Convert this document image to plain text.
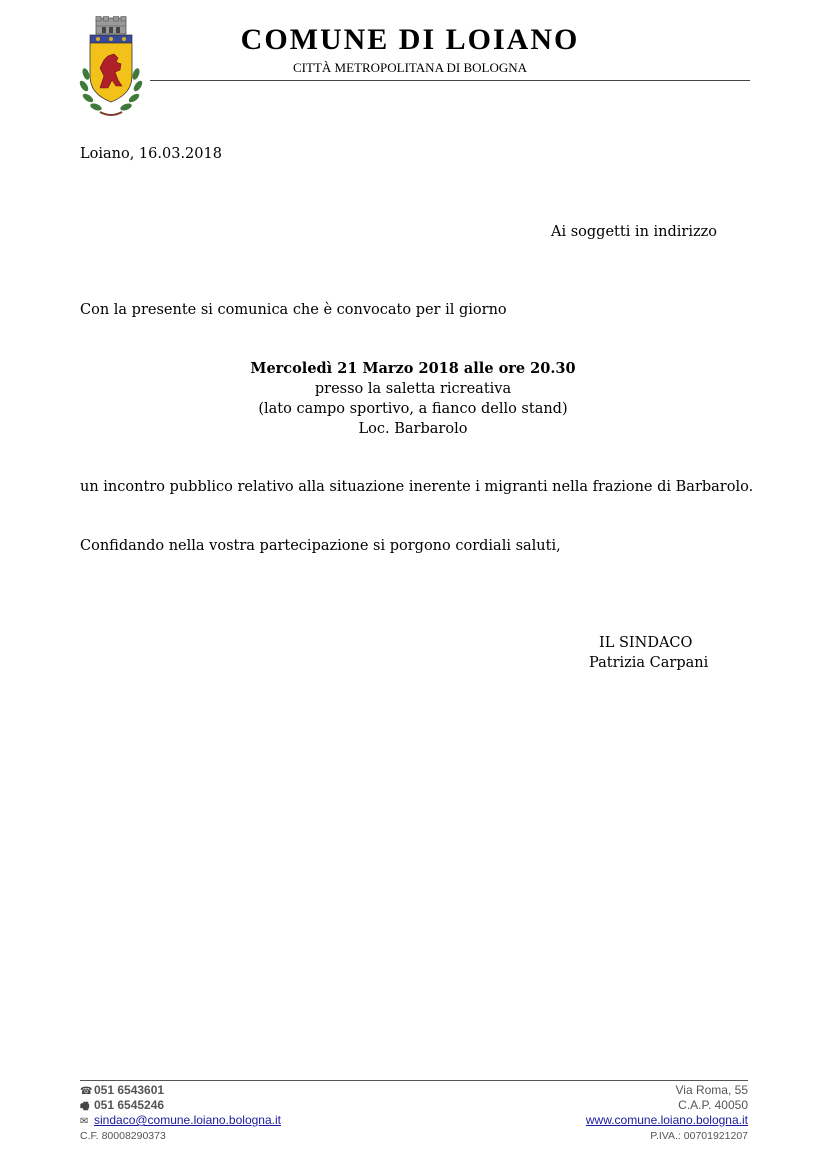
COMUNE DI LOIANO
CITTÀ METROPOLITANA DI BOLOGNA
Loiano, 16.03.2018
Ai soggetti in indirizzo
Con la presente si comunica che è convocato per il giorno
Mercoledì 21 Marzo 2018 alle ore 20.30
presso la saletta ricreativa
(lato campo sportivo, a fianco dello stand)
Loc. Barbarolo
un incontro pubblico relativo alla situazione inerente i migranti nella frazione di Barbarolo.
Confidando nella vostra partecipazione si porgono cordiali saluti,
IL SINDACO
Patrizia Carpani
☎ 051 6543601
🖷 051 6545246
✉ sindaco@comune.loiano.bologna.it
C.F. 80008290373
Via Roma, 55
C.A.P. 40050
www.comune.loiano.bologna.it
P.IVA.: 00701921207
